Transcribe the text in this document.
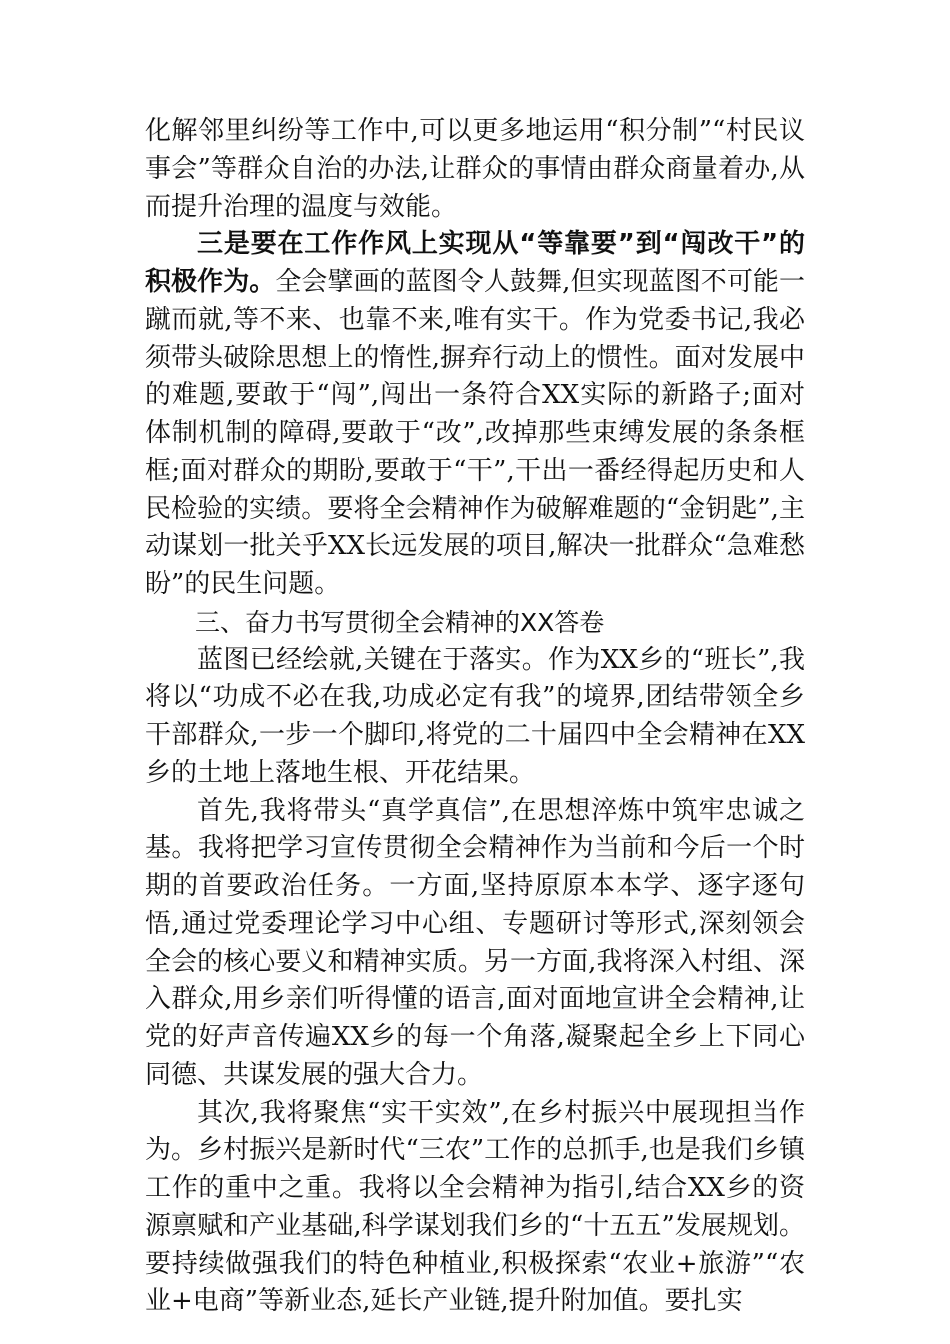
化解邻里纠纷等工作中,可以更多地运用“积分制”“村民议事会”等群众自治的办法,让群众的事情由群众商量着办,从而提升治理的温度与效能。

三是要在工作作风上实现从“等靠要”到“闯改干”的积极作为。全会擘画的蓝图令人鼓舞,但实现蓝图不可能一蹴而就,等不来、也靠不来,唯有实干。作为党委书记,我必须带头破除思想上的惰性,摒弃行动上的惯性。面对发展中的难题,要敢于“闯”,闯出一条符合XX实际的新路子;面对体制机制的障碍,要敢于“改”,改掉那些束缚发展的条条框框;面对群众的期盼,要敢于“干”,干出一番经得起历史和人民检验的实绩。要将全会精神作为破解难题的“金钥匙”,主动谋划一批关乎XX长远发展的项目,解决一批群众“急难愁盼”的民生问题。

三、奋力书写贯彻全会精神的XX答卷

蓝图已经绘就,关键在于落实。作为XX乡的“班长”,我将以“功成不必在我,功成必定有我”的境界,团结带领全乡干部群众,一步一个脚印,将党的二十届四中全会精神在XX乡的土地上落地生根、开花结果。

首先,我将带头“真学真信”,在思想淬炼中筑牢忠诚之基。我将把学习宣传贯彻全会精神作为当前和今后一个时期的首要政治任务。一方面,坚持原原本本学、逐字逐句悟,通过党委理论学习中心组、专题研讨等形式,深刻领会全会的核心要义和精神实质。另一方面,我将深入村组、深入群众,用乡亲们听得懂的语言,面对面地宣讲全会精神,让党的好声音传遍XX乡的每一个角落,凝聚起全乡上下同心同德、共谋发展的强大合力。

其次,我将聚焦“实干实效”,在乡村振兴中展现担当作为。乡村振兴是新时代“三农”工作的总抓手,也是我们乡镇工作的重中之重。我将以全会精神为指引,结合XX乡的资源禀赋和产业基础,科学谋划我们乡的“十五五”发展规划。要持续做强我们的特色种植业,积极探索“农业+旅游”“农业+电商”等新业态,延长产业链,提升附加值。要扎实
